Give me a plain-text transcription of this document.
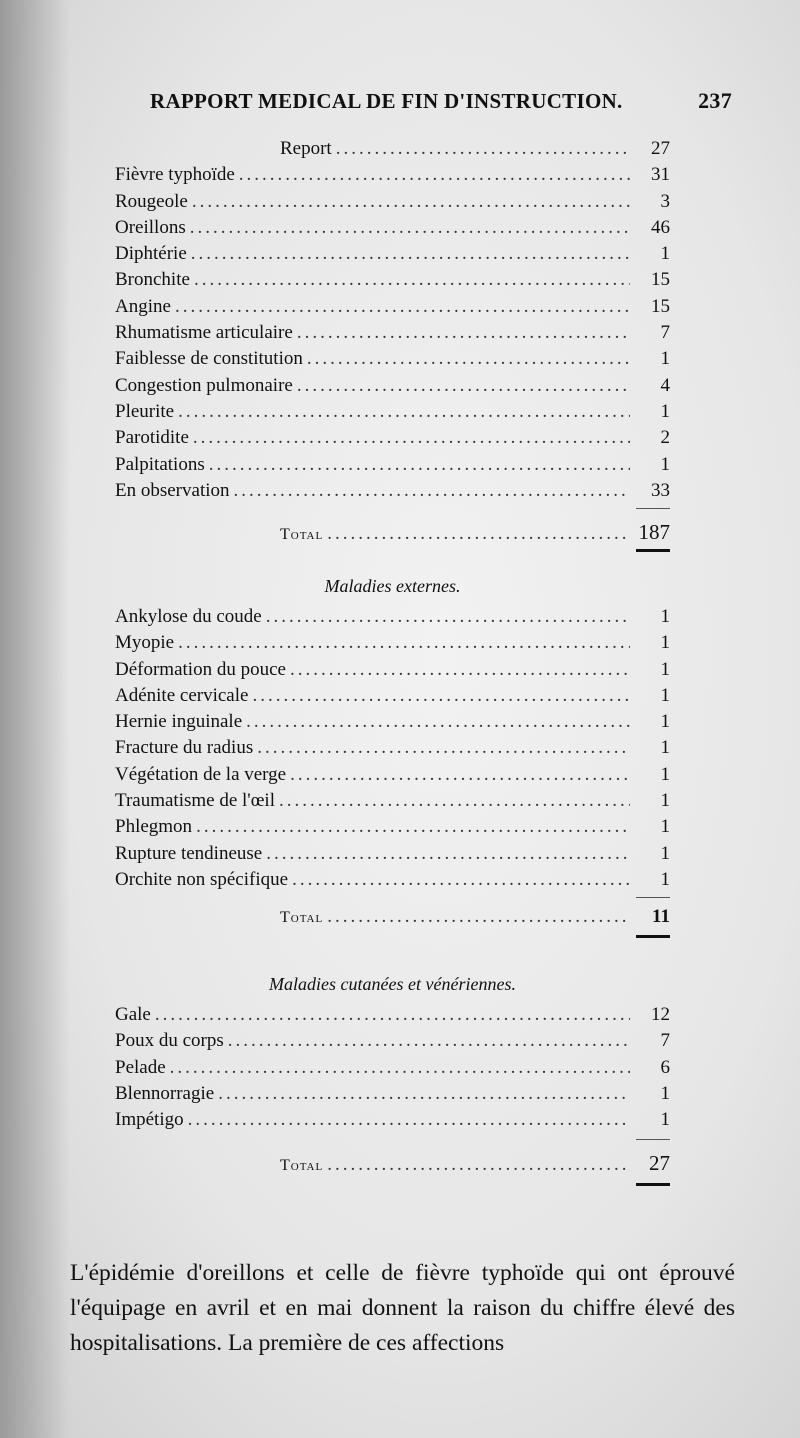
RAPPORT MEDICAL DE FIN D'INSTRUCTION.	237
Report .....	27
Fièvre typhoïde .....	31
Rougeole .....	3
Oreillons .....	46
Diphtérie .....	1
Bronchite .....	15
Angine .....	15
Rhumatisme articulaire .....	7
Faiblesse de constitution .....	1
Congestion pulmonaire .....	4
Pleurite .....	1
Parotidite .....	2
Palpitations .....	1
En observation .....	33
Total .....	187
Maladies externes.
Ankylose du coude .....	1
Myopie .....	1
Déformation du pouce .....	1
Adénite cervicale .....	1
Hernie inguinale .....	1
Fracture du radius .....	1
Végétation de la verge .....	1
Traumatisme de l'œil .....	1
Phlegmon .....	1
Rupture tendineuse .....	1
Orchite non spécifique .....	1
Total .....	11
Maladies cutanées et vénériennes.
Gale .....	12
Poux du corps .....	7
Pelade .....	6
Blennorragie .....	1
Impétigo .....	1
Total .....	27

L'épidémie d'oreillons et celle de fièvre typhoïde qui ont éprouvé l'équipage en avril et en mai donnent la raison du chiffre élevé des hospitalisations. La première de ces affections
